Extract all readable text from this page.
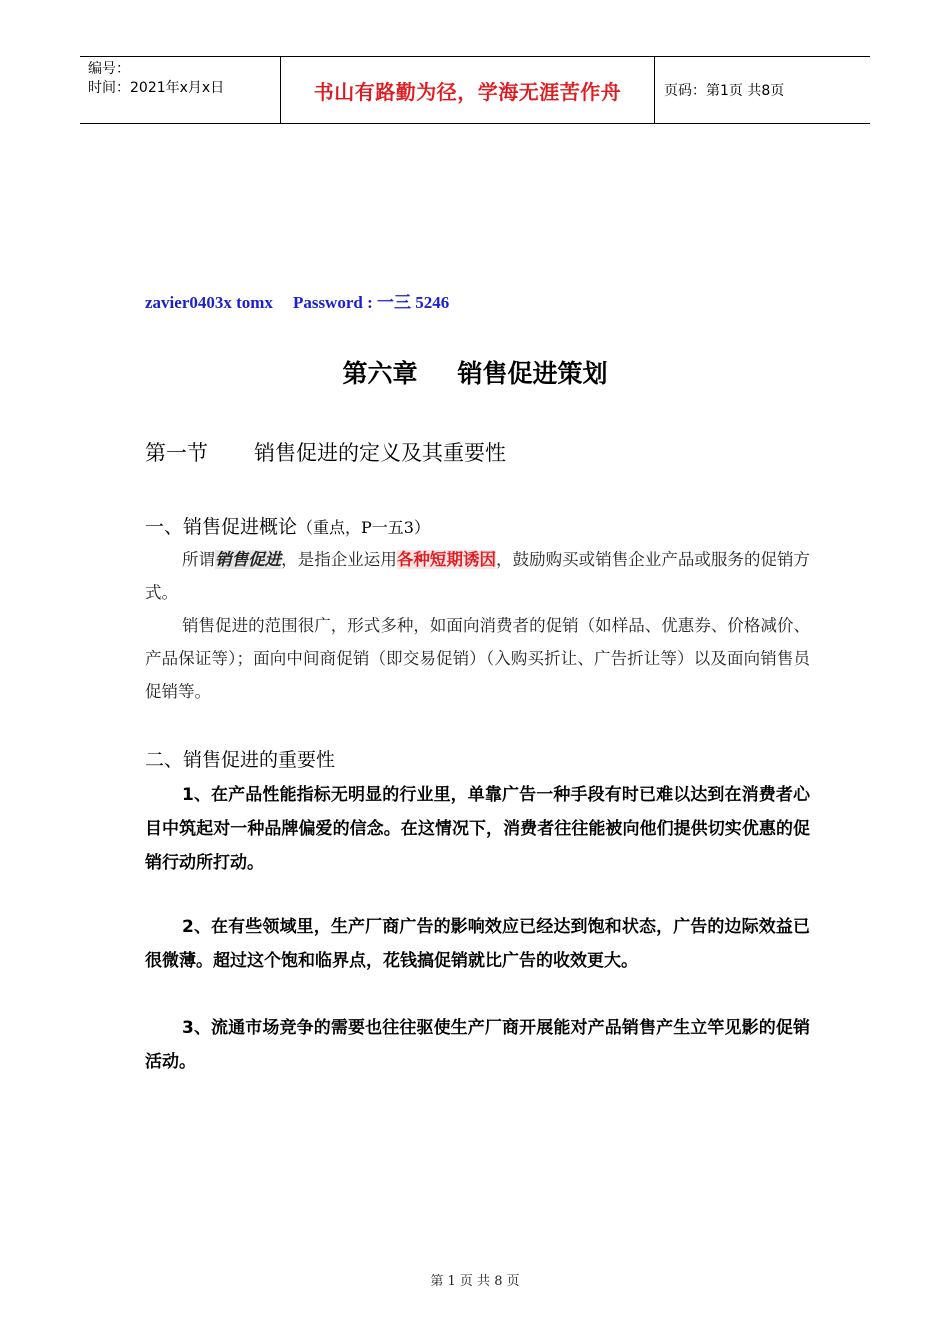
编号：
时间：2021年x月x日	书山有路勤为径，学海无涯苦作舟	页码：第1页 共8页
zavier0403x tomx Password : 一三 5246
第六章 销售促进策划
第一节 销售促进的定义及其重要性
一、销售促进概论（重点，P一五3）
所谓销售促进，是指企业运用各种短期诱因，鼓励购买或销售企业产品或服务的促销方式。
销售促进的范围很广，形式多种，如面向消费者的促销（如样品、优惠券、价格减价、产品保证等）；面向中间商促销（即交易促销）（入购买折让、广告折让等）以及面向销售员促销等。
二、销售促进的重要性
1、在产品性能指标无明显的行业里，单靠广告一种手段有时已难以达到在消费者心目中筑起对一种品牌偏爱的信念。在这情况下，消费者往往能被向他们提供切实优惠的促销行动所打动。
2、在有些领域里，生产厂商广告的影响效应已经达到饱和状态，广告的边际效益已很微薄。超过这个饱和临界点，花钱搞促销就比广告的收效更大。
3、流通市场竞争的需要也往往驱使生产厂商开展能对产品销售产生立竿见影的促销活动。
第 1 页 共 8 页
